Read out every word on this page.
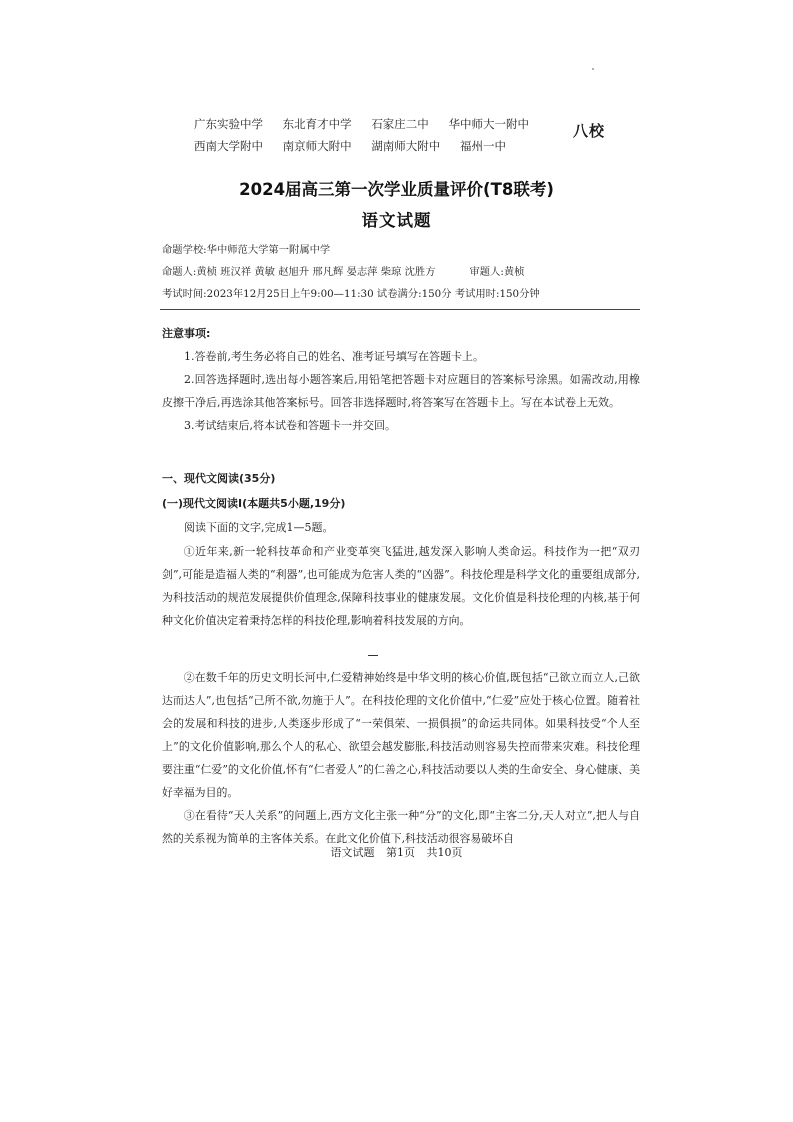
广东实验中学 东北育才中学 石家庄二中 华中师大一附中
西南大学附中 南京师大附中 湖南师大附中 福州一中
八校
2024届高三第一次学业质量评价(T8联考)
语文试题
命题学校:华中师范大学第一附属中学
命题人:黄桢 班汉祥 黄敏 赵旭升 邢凡辉 晏志萍 柴琼 沈胜方	审题人:黄桢
考试时间:2023年12月25日上午9:00—11:30 试卷满分:150分 考试用时:150分钟
注意事项:

1.答卷前,考生务必将自己的姓名、准考证号填写在答题卡上。

2.回答选择题时,选出每小题答案后,用铅笔把答题卡对应题目的答案标号涂黑。如需改动,用橡皮擦干净后,再选涂其他答案标号。回答非选择题时,将答案写在答题卡上。写在本试卷上无效。

3.考试结束后,将本试卷和答题卡一并交回。

一、现代文阅读(35分)
(一)现代文阅读Ⅰ(本题共5小题,19分)
阅读下面的文字,完成1—5题。

①近年来,新一轮科技革命和产业变革突飞猛进,越发深入影响人类命运。科技作为一把“双刃剑”,可能是造福人类的“利器”,也可能成为危害人类的“凶器”。科技伦理是科学文化的重要组成部分,为科技活动的规范发展提供价值理念,保障科技事业的健康发展。文化价值是科技伦理的内核,基于何种文化价值决定着秉持怎样的科技伦理,影响着科技发展的方向。

②在数千年的历史文明长河中,仁爱精神始终是中华文明的核心价值,既包括“己欲立而立人,己欲达而达人”,也包括“己所不欲,勿施于人”。在科技伦理的文化价值中,“仁爱”应处于核心位置。随着社会的发展和科技的进步,人类逐步形成了“一荣俱荣、一损俱损”的命运共同体。如果科技受“个人至上”的文化价值影响,那么个人的私心、欲望会越发膨胀,科技活动则容易失控而带来灾难。科技伦理要注重“仁爱”的文化价值,怀有“仁者爱人”的仁善之心,科技活动要以人类的生命安全、身心健康、美好幸福为目的。

③在看待“天人关系”的问题上,西方文化主张一种“分”的文化,即“主客二分,天人对立”,把人与自然的关系视为简单的主客体关系。在此文化价值下,科技活动很容易破坏自

语文试题 第1页 共10页
